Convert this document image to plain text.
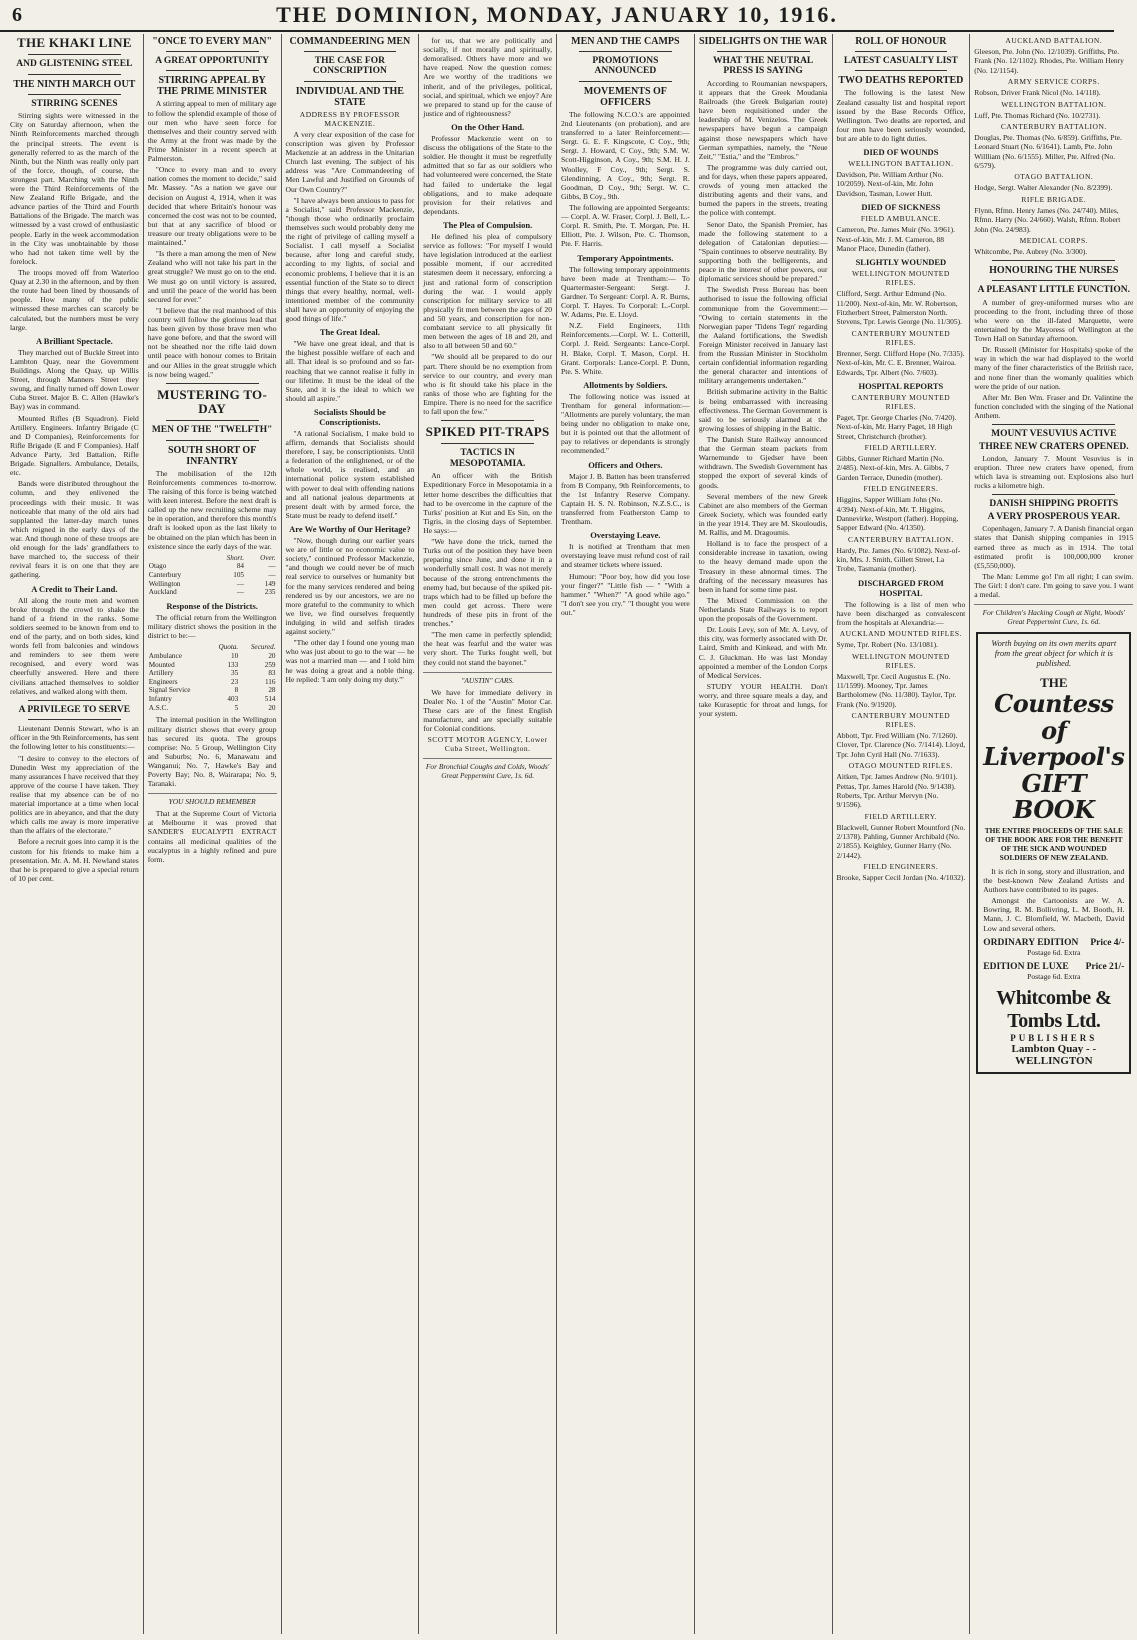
6	THE DOMINION, MONDAY, JANUARY 10, 1916.
THE KHAKI LINE
AND GLISTENING STEEL
THE NINTH MARCH OUT
STIRRING SCENES
Stirring sights were witnessed in the City on Saturday afternoon, when the Ninth Reinforcements marched through the principal streets. The event is generally referred to as the march of the Ninth, but the Ninth was really only part of the force, though, of course, the strongest part. Marching with the Ninth were the Third Reinforcements of the New Zealand Rifle Brigade, and the advance parties of the Third and Fourth Battalions of the Brigade. The march was witnessed by a vast crowd of enthusiastic people. Early in the week accommodation in the City was unobtainable by those who had not taken time well by the forelock.
The troops moved off from Waterloo Quay at 2.30 in the afternoon, and by then the route had been lined by thousands of people. How many of the public witnessed these marches can scarcely be calculated, but the numbers must be very large.
A Brilliant Spectacle.
They marched out of Buckle Street into Lambton Quay, near the Government Buildings. Along the Quay, up Willis Street, through Manners Street they swung, and finally turned off down Lower Cuba Street. Major B. C. Allen (Hawke's Bay) was in command.
Mounted Rifles (B Squadron). Field Artillery. Engineers. Infantry Brigade (C and D Companies), Reinforcements for Rifle Brigade (E and F Companies). Half Advance Party, 3rd Battalion, Rifle Brigade. Signallers. Ambulance, Details, etc.
Bands were distributed throughout the column, and they enlivened the proceedings with their music. It was noticeable that many of the old airs had supplanted the latter-day march tunes which reigned in the early days of the war. And though none of these troops are old enough for the lads' grandfathers to have marched to, the success of their revival fears it is on one that they are gathering.
A Credit to Their Land.
All along the route men and women broke through the crowd to shake the hand of a friend in the ranks. Some soldiers seemed to be known from end to end of the party, and on both sides, kind words fell from balconies and windows and reminders to see them were recognised, and every word was cheerfully answered. Here and there civilians attached themselves to soldier relatives, and walked along with them.
A PRIVILEGE TO SERVE
Lieutenant Dennis Stewart, who is an officer in the 9th Reinforcements, has sent the following letter to his constituents:—
"I desire to convey to the electors of Dunedin West my appreciation of the many assurances I have received that they approve of the course I have taken. They realise that my absence can be of no material importance at a time when local politics are in abeyance, and that the duty which calls me away is more imperative than the affairs of the electorate."
Before a recruit goes into camp it is the custom for his friends to make him a presentation. Mr. A. M. H. Newland states that he is prepared to give a special return of 10 per cent.
"ONCE TO EVERY MAN"
A GREAT OPPORTUNITY
STIRRING APPEAL BY THE PRIME MINISTER
A stirring appeal to men of military age to follow the splendid example of those of our men who have seen force for themselves and their country served with the Army at the front was made by the Prime Minister in a recent speech at Palmerston.
"Once to every man and to every nation comes the moment to decide," said Mr. Massey. "As a nation we gave our decision on August 4, 1914, when it was decided that where Britain's honour was concerned the cost was not to be counted, but that at any sacrifice of blood or treasure our treaty obligations were to be maintained."
"Is there a man among the men of New Zealand who will not take his part in the great struggle? We must go on to the end. We must go on until victory is assured, and until the peace of the world has been secured for ever."
"I believe that the real manhood of this country will follow the glorious lead that has been given by those brave men who have gone before, and that the sword will not be sheathed nor the rifle laid down until peace with honour comes to Britain and our Allies in the great struggle which is now being waged."
MUSTERING TO-DAY
MEN OF THE "TWELFTH"
SOUTH SHORT OF INFANTRY
The mobilisation of the 12th Reinforcements commences to-morrow. The raising of this force is being watched with keen interest. Before the next draft is called up the new recruiting scheme may be in operation, and therefore this month's draft is looked upon as the last likely to be obtained on the plan which has been in existence since the early days of the war.
	Short.	Over.
Otago	84	—
Canterbury	105	—
Wellington	—	149
Auckland	—	235
Response of the Districts.
The official return from the Wellington military district shows the position in the district to be:—
	Quota.	Secured.
Ambulance	10	20
Mounted	133	259
Artillery	35	83
Engineers	23	116
Signal Service	8	28
Infantry	403	514
A.S.C.	5	20
The internal position in the Wellington military district shows that every group has secured its quota. The groups comprise: No. 5 Group, Wellington City and Suburbs; No. 6, Manawatu and Wanganui; No. 7, Hawke's Bay and Poverty Bay; No. 8, Wairarapa; No. 9, Taranaki.
YOU SHOULD REMEMBER
That at the Supreme Court of Victoria at Melbourne it was proved that SANDER'S EUCALYPTI EXTRACT contains all medicinal qualities of the eucalyptus in a highly refined and pure form.
COMMANDEERING MEN
THE CASE FOR CONSCRIPTION
INDIVIDUAL AND THE STATE
ADDRESS BY PROFESSOR MACKENZIE.
A very clear exposition of the case for conscription was given by Professor Mackenzie at an address in the Unitarian Church last evening. The subject of his address was "Are Commandeering of Men Lawful and Justified on Grounds of Our Own Country?"
"I have always been anxious to pass for a Socialist," said Professor Mackenzie, "though those who ordinarily proclaim themselves such would probably deny me the right of privilege of calling myself a Socialist. I call myself a Socialist because, after long and careful study, according to my lights, of social and economic problems, I believe that it is an essential function of the State so to direct things that every healthy, normal, well-intentioned member of the community shall have an opportunity of enjoying the good things of life."
The Great Ideal.
"We have one great ideal, and that is the highest possible welfare of each and all. That ideal is so profound and so far-reaching that we cannot realise it fully in our lifetime. It must be the ideal of the State, and it is the ideal to which we should all aspire."
Socialists Should be Conscriptionists.
"A rational Socialism, I make bold to affirm, demands that Socialists should therefore, I say, be conscriptionists. Until a federation of the enlightened, or of the whole world, is realised, and an international police system established with power to deal with offending nations and all national jealous departments at present dealt with by armed force, the State must be ready to defend itself."
Are We Worthy of Our Heritage?
"Now, though during our earlier years we are of little or no economic value to society," continued Professor Mackenzie, "and though we could never be of much real service to ourselves or humanity but for the many services rendered and being rendered us by our ancestors, we are no more grateful to the community to which we live, we find ourselves frequently indulging in wild and selfish tirades against society."
"The other day I found one young man who was just about to go to the war — he was not a married man — and I told him he was doing a great and a noble thing. He replied: 'I am only doing my duty.'"
for us, that we are politically and socially, if not morally and spiritually, demoralised. Others have more and we have reaped. Now the question comes: Are we worthy of the traditions we inherit, and of the privileges, political, social, and spiritual, which we enjoy? Are we prepared to stand up for the cause of justice and of righteousness?
On the Other Hand.
Professor Mackenzie went on to discuss the obligations of the State to the soldier. He thought it must be regretfully admitted that so far as our soldiers who had volunteered were concerned, the State had failed to undertake the legal obligations, and to make adequate provision for their relatives and dependants.
The Plea of Compulsion.
He defined his plea of compulsory service as follows: "For myself I would have legislation introduced at the earliest possible moment, if our accredited statesmen deem it necessary, enforcing a just and rational form of conscription during the war. I would apply conscription for military service to all physically fit men between the ages of 20 and 50 years, and conscription for non-combatant service to all physically fit men between the ages of 18 and 20, and also to all between 50 and 60."
"We should all be prepared to do our part. There should be no exemption from service to our country, and every man who is fit should take his place in the ranks of those who are fighting for the Empire. There is no need for the sacrifice to fall upon the few."
SPIKED PIT-TRAPS
TACTICS IN MESOPOTAMIA.
An officer with the British Expeditionary Force in Mesopotamia in a letter home describes the difficulties that had to be overcome in the capture of the Turks' position at Kut and Es Sin, on the Tigris, in the closing days of September. He says:—
"We have done the trick, turned the Turks out of the position they have been preparing since June, and done it in a wonderfully small cost. It was not merely because of the strong entrenchments the enemy had, but because of the spiked pit-traps which had to be filled up before the men could get across. There were hundreds of these pits in front of the trenches."
"The men came in perfectly splendid; the heat was fearful and the water was very short. The Turks fought well, but they could not stand the bayonet."
"AUSTIN" CARS.
We have for immediate delivery in Dealer No. 1 of the "Austin" Motor Car. These cars are of the finest English manufacture, and are specially suitable for Colonial conditions.
SCOTT MOTOR AGENCY, Lower Cuba Street, Wellington.
For Bronchial Coughs and Colds, Woods' Great Peppermint Cure, 1s. 6d.
MEN AND THE CAMPS
PROMOTIONS ANNOUNCED
MOVEMENTS OF OFFICERS
The following N.C.O.'s are appointed 2nd Lieutenants (on probation), and are transferred to a later Reinforcement:— Sergt. G. E. F. Kingscote, C Coy., 9th; Sergt. J. Howard, C Coy., 9th; S.M. W. Scott-Higginson, A Coy., 9th; S.M. H. J. Woolley, F Coy., 9th; Sergt. S. Glendinning, A Coy., 9th; Sergt. R. Goodman, D Coy., 9th; Sergt. W. C. Gibbs, B Coy., 9th.
The following are appointed Sergeants:— Corpl. A. W. Fraser, Corpl. J. Bell, L.-Corpl. R. Smith, Pte. T. Morgan, Pte. H. Elliott, Pte. J. Wilson, Pte. C. Thomson, Pte. F. Harris.
Temporary Appointments.
The following temporary appointments have been made at Trentham:— To Quartermaster-Sergeant: Sergt. J. Gardner. To Sergeant: Corpl. A. R. Burns, Corpl. T. Hayes. To Corporal: L.-Corpl. W. Adams, Pte. E. Lloyd.
N.Z. Field Engineers, 11th Reinforcements.—Corpl. W. L. Cotterill, Corpl. J. Reid. Sergeants: Lance-Corpl. H. Blake, Corpl. T. Mason, Corpl. H. Grant. Corporals: Lance-Corpl. P. Dunn, Pte. S. White.
Allotments by Soldiers.
The following notice was issued at Trentham for general information:— "Allotments are purely voluntary, the man being under no obligation to make one, but it is pointed out that the allotment of pay to relatives or dependants is strongly recommended."
Officers and Others.
Major J. B. Batten has been transferred from B Company, 9th Reinforcements, to the 1st Infantry Reserve Company. Captain H. S. N. Robinson, N.Z.S.C., is transferred from Featherston Camp to Trentham.
Overstaying Leave.
It is notified at Trentham that men overstaying leave must refund cost of rail and steamer tickets where issued.
Humour: "Poor boy, how did you lose your finger?" "Little fish — " "With a hammer." "When?" "A good while ago." "I don't see you cry." "I thought you were out."
SIDELIGHTS ON THE WAR
WHAT THE NEUTRAL PRESS IS SAYING
According to Roumanian newspapers, it appears that the Greek Moudania Railroads (the Greek Bulgarian route) have been requisitioned under the leadership of M. Venizelos. The Greek newspapers have begun a campaign against those newspapers which have German sympathies, namely, the "Neue Zeit," "Estia," and the "Embros."
The programme was duly carried out, and for days, when these papers appeared, crowds of young men attacked the distributing agents and their vans, and burned the papers in the streets, treating the police with contempt.
Senor Dato, the Spanish Premier, has made the following statement to a delegation of Catalonian deputies:— "Spain continues to observe neutrality. By supporting both the belligerents, and peace in the interest of other powers, our diplomatic services should be prepared."
The Swedish Press Bureau has been authorised to issue the following official communique from the Government:— "Owing to certain statements in the Norwegian paper 'Tidens Tegn' regarding the Aaland fortifications, the Swedish Foreign Minister received in January last from the Russian Minister in Stockholm certain confidential information regarding the general character and intentions of military arrangements undertaken."
British submarine activity in the Baltic is being embarrassed with increasing effectiveness. The German Government is said to be seriously alarmed at the growing losses of shipping in the Baltic.
The Danish State Railway announced that the German steam packets from Warnemunde to Gjedser have been withdrawn. The Swedish Government has stopped the export of several kinds of goods.
Several members of the new Greek Cabinet are also members of the German Greek Society, which was founded early in the year 1914. They are M. Skouloudis, M. Rallis, and M. Dragoumis.
Holland is to face the prospect of a considerable increase in taxation, owing to the heavy demand made upon the Treasury in these abnormal times. The drafting of the necessary measures has been in hand for some time past.
The Mixed Commission on the Netherlands State Railways is to report upon the proposals of the Government.
Dr. Louis Levy, son of Mr. A. Levy, of this city, was formerly associated with Dr. Laird, Smith and Kinkead, and with Mr. C. J. Gluckman. He was last Monday appointed a member of the London Corps of Medical Services.
STUDY YOUR HEALTH. Don't worry, and three square meals a day, and take Kuraseptic for throat and lungs, for your system.
ROLL OF HONOUR
LATEST CASUALTY LIST
TWO DEATHS REPORTED
The following is the latest New Zealand casualty list and hospital report issued by the Base Records Office, Wellington. Two deaths are reported, and four men have been seriously wounded, but are able to do light duties.
DIED OF WOUNDS
WELLINGTON BATTALION.
Davidson, Pte. William Arthur (No. 10/2059). Next-of-kin, Mr. John Davidson, Tasman, Lower Hutt.
DIED OF SICKNESS
FIELD AMBULANCE.
Cameron, Pte. James Muir (No. 3/961). Next-of-kin, Mr. J. M. Cameron, 88 Manor Place, Dunedin (father).
SLIGHTLY WOUNDED
WELLINGTON MOUNTED RIFLES.
Clifford, Sergt. Arthur Edmund (No. 11/200). Next-of-kin, Mr. W. Robertson, Fitzherbert Street, Palmerston North. Stevens, Tpr. Lewis George (No. 11/305).
CANTERBURY MOUNTED RIFLES.
Brenner, Sergt. Clifford Hope (No. 7/335). Next-of-kin, Mr. C. E. Brenner, Wairoa. Edwards, Tpr. Albert (No. 7/603).
HOSPITAL REPORTS
CANTERBURY MOUNTED RIFLES.
Paget, Tpr. George Charles (No. 7/420). Next-of-kin, Mr. Harry Paget, 18 High Street, Christchurch (brother).
FIELD ARTILLERY.
Gibbs, Gunner Richard Martin (No. 2/485). Next-of-kin, Mrs. A. Gibbs, 7 Garden Terrace, Dunedin (mother).
FIELD ENGINEERS.
Higgins, Sapper William John (No. 4/394). Next-of-kin, Mr. T. Higgins, Dannevirke, Westport (father). Hopping, Sapper Edward (No. 4/1350).
CANTERBURY BATTALION.
Hardy, Pte. James (No. 6/1082). Next-of-kin, Mrs. J. Smith, Gillett Street, La Trobe, Tasmania (mother).
DISCHARGED FROM HOSPITAL
The following is a list of men who have been discharged as convalescent from the hospitals at Alexandria:—
AUCKLAND MOUNTED RIFLES.
Syme, Tpr. Robert (No. 13/1081).
WELLINGTON MOUNTED RIFLES.
Maxwell, Tpr. Cecil Augustus E. (No. 11/1599). Mooney, Tpr. James Bartholomew (No. 11/380). Taylor, Tpr. Frank (No. 9/1920).
CANTERBURY MOUNTED RIFLES.
Abbott, Tpr. Fred William (No. 7/1260). Clover, Tpr. Clarence (No. 7/1414). Lloyd, Tpr. John Cyril Hall (No. 7/1633).
OTAGO MOUNTED RIFLES.
Aitken, Tpr. James Andrew (No. 9/101). Pettas, Tpr. James Harold (No. 9/1438). Roberts, Tpr. Arthur Mervyn (No. 9/1596).
FIELD ARTILLERY.
Blackwell, Gunner Robert Mountford (No. 2/1378). Pahling, Gunner Archibald (No. 2/1855). Keighley, Gunner Harry (No. 2/1442).
FIELD ENGINEERS.
Brooke, Sapper Cecil Jordan (No. 4/1032).
AUCKLAND BATTALION.
Gleeson, Pte. John (No. 12/1039). Griffiths, Pte. Frank (No. 12/1102). Rhodes, Pte. William Henry (No. 12/1154).
ARMY SERVICE CORPS.
Robson, Driver Frank Nicol (No. 14/118).
WELLINGTON BATTALION.
Luff, Pte. Thomas Richard (No. 10/2731).
CANTERBURY BATTALION.
Douglas, Pte. Thomas (No. 6/859). Griffiths, Pte. Leonard Stuart (No. 6/1641). Lamb, Pte. John Willliam (No. 6/1555). Miller, Pte. Alfred (No. 6/579).
OTAGO BATTALION.
Hodge, Sergt. Walter Alexander (No. 8/2399).
RIFLE BRIGADE.
Flynn, Rfmn. Henry James (No. 24/740). Miles, Rfmn. Harry (No. 24/660). Walsh, Rfmn. Robert John (No. 24/983).
MEDICAL CORPS.
Whitcombe, Pte. Aubrey (No. 3/300).
HONOURING THE NURSES
A PLEASANT LITTLE FUNCTION.
A number of grey-uniformed nurses who are proceeding to the front, including three of those who were on the ill-fated Marquette, were entertained by the Mayoress of Wellington at the Town Hall on Saturday afternoon.
Dr. Russell (Minister for Hospitals) spoke of the way in which the war had displayed to the world many of the finer characteristics of the British race, and none finer than the womanly qualities which were the pride of our nation.
After Mr. Ben Wm. Fraser and Dr. Valintine the function concluded with the singing of the National Anthem.
MOUNT VESUVIUS ACTIVE
THREE NEW CRATERS OPENED.
London, January 7. Mount Vesuvius is in eruption. Three new craters have opened, from which lava is streaming out. Explosions also hurl rocks a kilometre high.
DANISH SHIPPING PROFITS
A VERY PROSPEROUS YEAR.
Copenhagen, January 7. A Danish financial organ states that Danish shipping companies in 1915 earned three as much as in 1914. The total estimated profit is 100,000,000 kroner (£5,550,000).
The Man: Lemme go! I'm all right; I can swim. The Girl: I don't care. I'm going to save you. I want a medal.
For Children's Hacking Cough at Night, Woods' Great Peppermint Cure, 1s. 6d.
Worth buying on its own merits apart from the great object for which it is published.
THE
Countess of Liverpool's GIFT BOOK
THE ENTIRE PROCEEDS OF THE SALE OF THE BOOK ARE FOR THE BENEFIT OF THE SICK AND WOUNDED SOLDIERS OF NEW ZEALAND.
It is rich in song, story and illustration, and the best-known New Zealand Artists and Authors have contributed to its pages.
Amongst the Cartoonists are W. A. Bowring, R. M. Bollivring, L. M. Booth, H. Mann, J. C. Blomfield, W. Macbeth, David Low and several others.
ORDINARY EDITION Price 4/-
Postage 6d. Extra
EDITION DE LUXE Price 21/-
Postage 6d. Extra
Whitcombe & Tombs Ltd.
PUBLISHERS
Lambton Quay - - WELLINGTON
